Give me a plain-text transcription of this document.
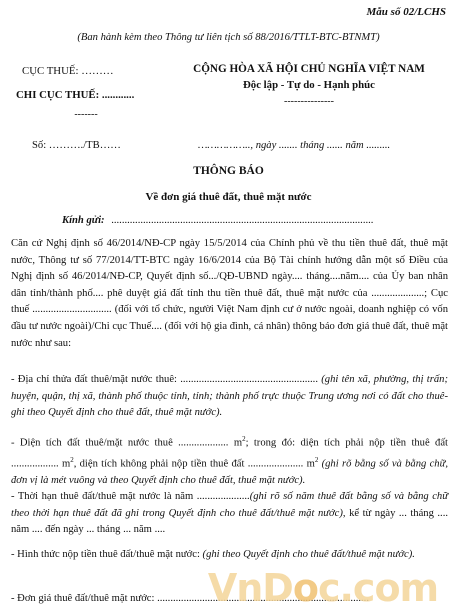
Mẫu số 02/LCHS
(Ban hành kèm theo Thông tư liên tịch số 88/2016/TTLT-BTC-BTNMT)
CỤC THUẾ: ………
CHI CỤC THUẾ: ............
-------
CỘNG HÒA XÃ HỘI CHỦ NGHĨA VIỆT NAM
Độc lập - Tự do - Hạnh phúc
---------------
Số: ………./TB……	…………….., ngày ....... tháng ...... năm .........
THÔNG BÁO
Về đơn giá thuê đất, thuê mặt nước
Kính gửi: ...................................................................................................
Căn cứ Nghị định số 46/2014/NĐ-CP ngày 15/5/2014 của Chính phủ về thu tiền thuê đất, thuê mặt nước, Thông tư số 77/2014/TT-BTC ngày 16/6/2014 của Bộ Tài chính hướng dẫn một số Điều của Nghị định số 46/2014/NĐ-CP, Quyết định số.../QĐ-UBND ngày.... tháng....năm.... của Ủy ban nhân dân tỉnh/thành phố.... phê duyệt giá đất tính thu tiền thuê đất, thuê mặt nước của ....................; Cục thuế .............................. (đối với tổ chức, người Việt Nam định cư ở nước ngoài, doanh nghiệp có vốn đầu tư nước ngoài)/Chi cục Thuế.... (đối với hộ gia đình, cá nhân) thông báo đơn giá thuê đất, thuê mặt nước như sau:
- Địa chỉ thửa đất thuê/mặt nước thuê: .................................................... (ghi tên xã, phường, thị trấn; huyện, quận, thị xã, thành phố thuộc tỉnh, tỉnh; thành phố trực thuộc Trung ương nơi có đất cho thuê- ghi theo Quyết định cho thuê đất, thuê mặt nước).
- Diện tích đất thuê/mặt nước thuê ................... $m^2$; trong đó: diện tích phải nộp tiền thuê đất .................. $m^2$, diện tích không phải nộp tiền thuê đất ..................... $m^2$ (ghi rõ bằng số và bằng chữ, đơn vị là mét vuông và theo Quyết định cho thuê đất, thuê mặt nước).
- Thời hạn thuê đất/thuê mặt nước là năm ....................(ghi rõ số năm thuê đất bằng số và bằng chữ theo thời hạn thuê đất đã ghi trong Quyết định cho thuê đất/thuê mặt nước), kể từ ngày ... tháng .... năm .... đến ngày ... tháng ... năm ....
- Hình thức nộp tiền thuê đất/thuê mặt nước: (ghi theo Quyết định cho thuê đất/thuê mặt nước).
- Đơn giá thuê đất/thuê mặt nước: ................................................................................
VnDoc.com
